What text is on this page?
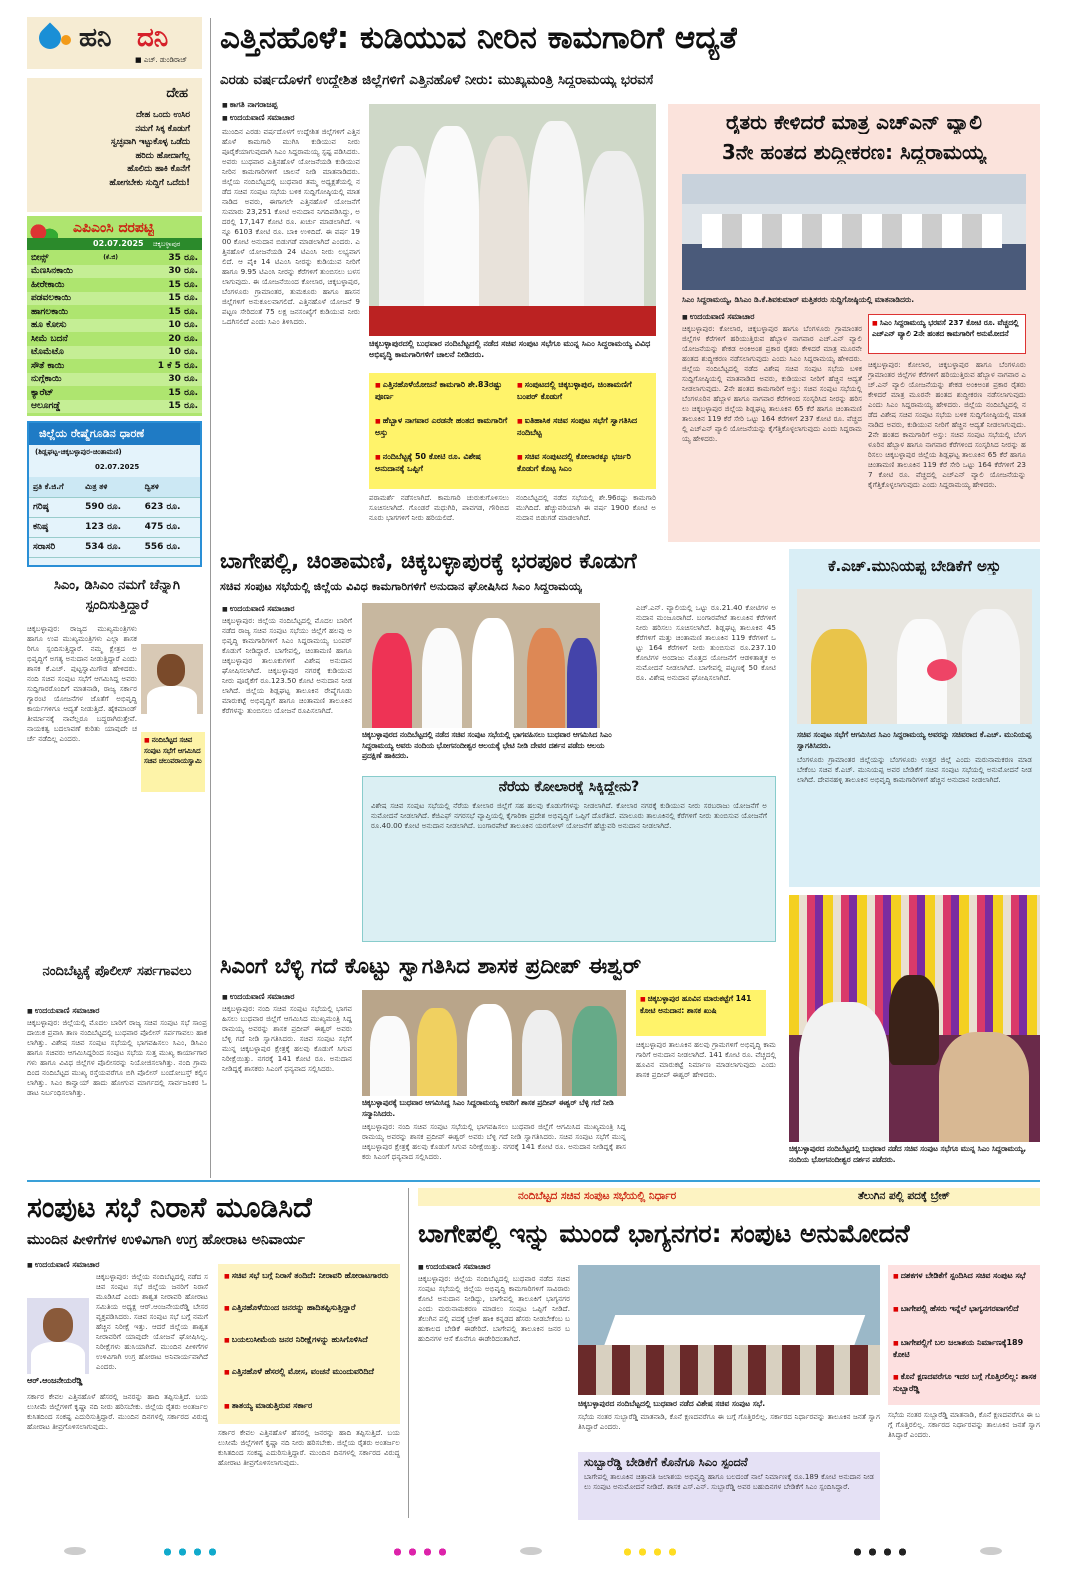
ಹನಿ ದನಿ
■ ಎಚ್. ಡುಂಡಿರಾಜ್
ದೇಹ
ದೇಹ ಒಂದು ಉಸಿರ
ನಮಗೆ ಸಿಕ್ಕ ಕೊಡುಗೆ
ಸ್ವಚ್ಛವಾಗಿ ಇಟ್ಟುಕೊಳ್ಳ ಒಡೆದು
ಹರಿದು ಹೋದಾಗೆಲ್ಲ
ಹೊಲಿದು ಹಾಕಿ ಕೊನೆಗೆ
ಹೋಗಬೇಕು ಸುದ್ದಿಗೆ ಒದೆದು!
ಎಪಿಎಂಸಿ ದರಪಟ್ಟಿ
02.07.2025 ಚಿಕ್ಕಬಳ್ಳಾಪುರ
ಬೀನ್ಸ್	(ಕೆ.ಜಿ)	35 ರೂ.
ಮೆಣಸಿನಕಾಯಿ		30 ರೂ.
ಹೀರೇಕಾಯಿ		15 ರೂ.
ಪಡವಲಕಾಯಿ		15 ರೂ.
ಹಾಗಲಕಾಯಿ		15 ರೂ.
ಹೂ ಕೋಸು		10 ರೂ.
ಸೀಮೆ ಬದನೆ		20 ರೂ.
ಟೊಮೆಟೊ		10 ರೂ.
ಸೌತೆ ಕಾಯಿ		1 ಕೆ 5 ರೂ.
ನುಗ್ಗೆಕಾಯಿ		30 ರೂ.
ಕ್ಯಾರೆಟ್		15 ರೂ.
ಆಲೂಗಡ್ಡೆ		15 ರೂ.
ಜಿಲ್ಲೆಯ ರೇಷ್ಮೆಗೂಡಿನ ಧಾರಣೆ
(ಶಿಡ್ಲಘಟ್ಟ-ಚಿಕ್ಕಬಳ್ಳಾಪುರ-ಚಿಂತಾಮಣಿ)
02.07.2025
ಪ್ರತಿ ಕೆ.ಜಿ.ಗೆ	ಮಿತ್ರ ತಳಿ	ದ್ವಿತಳಿ
ಗರಿಷ್ಠ	590 ರೂ.	623 ರೂ.
ಕನಿಷ್ಠ	123 ರೂ.	475 ರೂ.
ಸರಾಸರಿ	534 ರೂ.	556 ರೂ.
ಸಿಎಂ, ಡಿಸಿಎಂ ನಮಗೆ ಚೆನ್ನಾಗಿ ಸ್ಪಂದಿಸುತ್ತಿದ್ದಾರೆ
ಚಿಕ್ಕಬಳ್ಳಾಪುರ: ರಾಜ್ಯದ ಮುಖ್ಯಮಂತ್ರಿಗಳು ಹಾಗೂ ಉಪ ಮುಖ್ಯಮಂತ್ರಿಗಳು ಎಲ್ಲಾ ಶಾಸಕರಿಗೂ ಸ್ಪಂದಿಸುತ್ತಿದ್ದಾರೆ. ನಮ್ಮ ಕ್ಷೇತ್ರದ ಅಭಿವೃದ್ಧಿಗೆ ಅಗತ್ಯ ಅನುದಾನ ನೀಡುತ್ತಿದ್ದಾರೆ ಎಂದು ಶಾಸಕ ಕೆ.ಎಚ್. ಪುಟ್ಟಸ್ವಾಮಿಗೌಡ ಹೇಳಿದರು. ನಂದಿ ಸಚಿವ ಸಂಪುಟ ಸಭೆಗೆ ಆಗಮಿಸಿದ್ದ ಅವರು ಸುದ್ದಿಗಾರರೊಂದಿಗೆ ಮಾತನಾಡಿ, ರಾಜ್ಯ ಸರ್ಕಾರ ಗ್ಯಾರಂಟಿ ಯೋಜನೆಗಳ ಜೊತೆಗೆ ಅಭಿವೃದ್ಧಿ ಕಾರ್ಯಗಳಿಗೂ ಆದ್ಯತೆ ನೀಡುತ್ತಿದೆ. ಹೈಕಮಾಂಡ್ ತೀರ್ಮಾನಕ್ಕೆ ನಾವೆಲ್ಲರೂ ಬದ್ಧರಾಗಿರುತ್ತೇವೆ. ನಾಯಕತ್ವ ಬದಲಾವಣೆ ಕುರಿತು ಯಾವುದೇ ಚರ್ಚೆ ನಡೆದಿಲ್ಲ ಎಂದರು.	■ ನಂದಿಬೆಟ್ಟದ ಸಚಿವ ಸಂಪುಟ ಸಭೆಗೆ ಆಗಮಿಸಿದ ಸಚಿವ ಚಲುವರಾಯಸ್ವಾಮಿ
ನಂದಿಬೆಟ್ಟಕ್ಕೆ ಪೊಲೀಸ್ ಸರ್ಪಗಾವಲು
■ ಉದಯವಾಣಿ ಸಮಾಚಾರ
ಚಿಕ್ಕಬಳ್ಳಾಪುರ: ಜಿಲ್ಲೆಯಲ್ಲಿ ಮೊದಲ ಬಾರಿಗೆ ರಾಜ್ಯ ಸಚಿವ ಸಂಪುಟ ಸಭೆ ಸಾಂಪ್ರದಾಯಿಕ ಪ್ರವಾಸಿ ತಾಣ ನಂದಿಬೆಟ್ಟದಲ್ಲಿ ಬುಧವಾರ ಪೊಲೀಸ್ ಸರ್ಪಗಾವಲು ಹಾಕಲಾಗಿತ್ತು. ವಿಶೇಷ ಸಚಿವ ಸಂಪುಟ ಸಭೆಯಲ್ಲಿ ಭಾಗವಹಿಸಲು ಸಿಎಂ, ಡಿಸಿಎಂ ಹಾಗೂ ಸಚಿವರು ಆಗಮಿಸಿದ್ದರಿಂದ ಸಂಪುಟ ಸಭೆಯ ಸುತ್ತ ಮುಖ್ಯ ಕಾರ್ಯಾಗಾರಗಳು ಹಾಗೂ ವಿವಿಧ ಜಿಲ್ಲೆಗಳ ಪೊಲೀಸರನ್ನು ನಿಯೋಜಿಸಲಾಗಿತ್ತು. ನಂದಿ ಗ್ರಾಮದಿಂದ ನಂದಿಬೆಟ್ಟದ ಮುಖ್ಯ ರಸ್ತೆಯವರೆಗೂ ಬಿಗಿ ಪೊಲೀಸ್ ಬಂದೋಬಸ್ತ್ ಕಲ್ಪಿಸಲಾಗಿತ್ತು. ಸಿಎಂ ಕಾನ್ವಾಯ್ ಹಾದು ಹೋಗುವ ಮಾರ್ಗದಲ್ಲಿ ಸಾರ್ವಜನಿಕರ ಓಡಾಟ ನಿರ್ಬಂಧಿಸಲಾಗಿತ್ತು.
ಎತ್ತಿನಹೊಳೆ: ಕುಡಿಯುವ ನೀರಿನ ಕಾಮಗಾರಿಗೆ ಆದ್ಯತೆ
ಎರಡು ವರ್ಷದೊಳಗೆ ಉದ್ದೇಶಿತ ಜಿಲ್ಲೆಗಳಿಗೆ ಎತ್ತಿನಹೊಳೆ ನೀರು: ಮುಖ್ಯಮಂತ್ರಿ ಸಿದ್ದರಾಮಯ್ಯ ಭರವಸೆ
■ ಕಾಗತಿ ನಾಗರಾಜಪ್ಪ
■ ಉದಯವಾಣಿ ಸಮಾಚಾರ
ಮುಂದಿನ ಎರಡು ವರ್ಷದೊಳಗೆ ಉದ್ದೇಶಿತ ಜಿಲ್ಲೆಗಳಿಗೆ ಎತ್ತಿನಹೊಳೆ ಕಾಮಗಾರಿ ಮುಗಿಸಿ ಕುಡಿಯುವ ನೀರು ಪೂರೈಕೆಯಾಗುವುದಾಗಿ ಸಿಎಂ ಸಿದ್ದರಾಮಯ್ಯ ಸ್ಪಷ್ಟ ಪಡಿಸಿದರು. ಅವರು ಬುಧವಾರ ಎತ್ತಿನಹೊಳೆ ಯೋಜನೆಯಡಿ ಕುಡಿಯುವ ನೀರಿನ ಕಾಮಗಾರಿಗಳಿಗೆ ಚಾಲನೆ ನೀಡಿ ಮಾತನಾಡಿದರು. ಜಿಲ್ಲೆಯ ನಂದಿಬೆಟ್ಟದಲ್ಲಿ ಬುಧವಾರ ತಮ್ಮ ಅಧ್ಯಕ್ಷತೆಯಲ್ಲಿ ನಡೆದ ಸಚಿವ ಸಂಪುಟ ಸಭೆಯ ಬಳಿಕ ಸುದ್ದಿಗೋಷ್ಠಿಯಲ್ಲಿ ಮಾತನಾಡಿದ ಅವರು, ಈಗಾಗಲೇ ಎತ್ತಿನಹೊಳೆ ಯೋಜನೆಗೆ ಸುಮಾರು 23,251 ಕೋಟಿ ಅನುದಾನ ನಿಗದಿಪಡಿಸಿದ್ದು, ಅದರಲ್ಲಿ 17,147 ಕೋಟಿ ರೂ. ಖರ್ಚು ಮಾಡಲಾಗಿದೆ. ಇನ್ನೂ 6103 ಕೋಟಿ ರೂ. ಬಾಕಿ ಉಳಿದಿದೆ. ಈ ವರ್ಷ 1900 ಕೋಟಿ ಅನುದಾನ ಬಿಡುಗಡೆ ಮಾಡಲಾಗಿದೆ ಎಂದರು. ಎತ್ತಿನಹೊಳೆ ಯೋಜನೆಯಡಿ 24 ಟಿಎಂಸಿ ನೀರು ಲಭ್ಯವಾಗಲಿದೆ. ಆ ಪೈಕಿ 14 ಟಿಎಂಸಿ ನೀರನ್ನು ಕುಡಿಯುವ ನೀರಿಗೆ ಹಾಗೂ 9.95 ಟಿಎಂಸಿ ನೀರನ್ನು ಕೆರೆಗಳಿಗೆ ತುಂಬಿಸಲು ಬಳಸಲಾಗುವುದು. ಈ ಯೋಜನೆಯಿಂದ ಕೋಲಾರ, ಚಿಕ್ಕಬಳ್ಳಾಪುರ, ಬೆಂಗಳೂರು ಗ್ರಾಮಾಂತರ, ತುಮಕೂರು ಹಾಗೂ ಹಾಸನ ಜಿಲ್ಲೆಗಳಿಗೆ ಅನುಕೂಲವಾಗಲಿದೆ. ಎತ್ತಿನಹೊಳೆ ಯೋಜನೆ 9 ಪಟ್ಟಣ ಸೇರಿದಂತೆ 75 ಲಕ್ಷ ಜನಸಂಖ್ಯೆಗೆ ಕುಡಿಯುವ ನೀರು ಒದಗಿಸಲಿದೆ ಎಂದು ಸಿಎಂ ತಿಳಿಸಿದರು.
ಚಿಕ್ಕಬಳ್ಳಾಪುರದಲ್ಲಿ ಬುಧವಾರ ನಂದಿಬೆಟ್ಟದಲ್ಲಿ ನಡೆದ ಸಚಿವ ಸಂಪುಟ ಸಭೆಗೂ ಮುನ್ನ ಸಿಎಂ ಸಿದ್ದರಾಮಯ್ಯ ವಿವಿಧ ಅಭಿವೃದ್ಧಿ ಕಾಮಗಾರಿಗಳಿಗೆ ಚಾಲನೆ ನೀಡಿದರು.
■ ಎತ್ತಿನಹೊಳೆಯೋಜನೆ ಕಾಮಗಾರಿ ಶೇ.83ರಷ್ಟು ಪೂರ್ಣ
■ ಸಂಪುಟದಲ್ಲಿ ಚಿಕ್ಕಬಳ್ಳಾಪುರ, ಚಿಂತಾಮಣಿಗೆ ಬಂಪರ್ ಕೊಡುಗೆ
■ ಹೆಬ್ಬಾಳ ನಾಗವಾರ ಎರಡನೇ ಹಂತದ ಕಾಮಗಾರಿಗೆ ಅಸ್ತು
■ ಐತಿಹಾಸಿಕ ಸಚಿವ ಸಂಪುಟ ಸಭೆಗೆ ಸ್ವಾಗತಿಸಿದ ನಂದಿಬೆಟ್ಟ
■ ನಂದಿಬೆಟ್ಟಕ್ಕೆ 50 ಕೋಟಿ ರೂ. ವಿಶೇಷ ಅನುದಾನಕ್ಕೆ ಒಪ್ಪಿಗೆ
■ ಸಚಿವ ಸಂಪುಟದಲ್ಲಿ ಕೋಲಾರಕ್ಕೂ ಭರ್ಜರಿ ಕೊಡುಗೆ ಕೊಟ್ಟ ಸಿಎಂ
ಪರಾಮರ್ಶೆ ನಡೆಸಲಾಗಿದೆ. ಕಾಮಗಾರಿ ಚುರುಕುಗೊಳಿಸಲು ಸೂಚಿಸಲಾಗಿದೆ. ಗೊಂಡರೆ ಮಧುಗಿರಿ, ಪಾವಗಡ, ಗೌರಿಬಿದನೂರು ಭಾಗಗಳಿಗೆ ನೀರು ಹರಿಯಲಿದೆ.
ನಂದಿಬೆಟ್ಟದಲ್ಲಿ ನಡೆದ ಸಭೆಯಲ್ಲಿ ಶೇ.96ರಷ್ಟು ಕಾಮಗಾರಿ ಮುಗಿದಿದೆ. ಹೆಚ್ಚುವರಿಯಾಗಿ ಈ ವರ್ಷ 1900 ಕೋಟಿ ಅನುದಾನ ಬಿಡುಗಡೆ ಮಾಡಲಾಗಿದೆ.
ರೈತರು ಕೇಳಿದರೆ ಮಾತ್ರ ಎಚ್‌ಎನ್ ವ್ಯಾಲಿ
3ನೇ ಹಂತದ ಶುದ್ಧೀಕರಣ: ಸಿದ್ದರಾಮಯ್ಯ
ಸಿಎಂ ಸಿದ್ದರಾಮಯ್ಯ, ಡಿಸಿಎಂ ಡಿ.ಕೆ.ಶಿವಕುಮಾರ್ ಮತ್ತಿತರರು ಸುದ್ದಿಗೋಷ್ಠಿಯಲ್ಲಿ ಮಾತನಾಡಿದರು.
■ ಉದಯವಾಣಿ ಸಮಾಚಾರ
ಚಿಕ್ಕಬಳ್ಳಾಪುರ: ಕೋಲಾರ, ಚಿಕ್ಕಬಳ್ಳಾಪುರ ಹಾಗೂ ಬೆಂಗಳೂರು ಗ್ರಾಮಾಂತರ ಜಿಲ್ಲೆಗಳ ಕೆರೆಗಳಿಗೆ ಹರಿಯುತ್ತಿರುವ ಹೆಬ್ಬಾಳ ನಾಗವಾರ ಎಚ್.ಎನ್ ವ್ಯಾಲಿ ಯೋಜನೆಯನ್ನು ಶೇಕಡ ಅಂಕಿಅಂಶ ಪ್ರಕಾರ ರೈತರು ಕೇಳಿದರೆ ಮಾತ್ರ ಮೂರನೇ ಹಂತದ ಶುದ್ಧೀಕರಣ ನಡೆಸಲಾಗುವುದು ಎಂದು ಸಿಎಂ ಸಿದ್ದರಾಮಯ್ಯ ಹೇಳಿದರು. ಜಿಲ್ಲೆಯ ನಂದಿಬೆಟ್ಟದಲ್ಲಿ ನಡೆದ ವಿಶೇಷ ಸಚಿವ ಸಂಪುಟ ಸಭೆಯ ಬಳಿಕ ಸುದ್ದಿಗೋಷ್ಠಿಯಲ್ಲಿ ಮಾತನಾಡಿದ ಅವರು, ಕುಡಿಯುವ ನೀರಿಗೆ ಹೆಚ್ಚಿನ ಆದ್ಯತೆ ನೀಡಲಾಗುವುದು. 2ನೇ ಹಂತದ ಕಾಮಗಾರಿಗೆ ಅಸ್ತು: ಸಚಿವ ಸಂಪುಟ ಸಭೆಯಲ್ಲಿ ಬೆಂಗಳೂರಿನ ಹೆಬ್ಬಾಳ ಹಾಗೂ ನಾಗವಾರ ಕೆರೆಗಳಿಂದ ಸಂಸ್ಕರಿಸಿದ ನೀರನ್ನು ಹರಿಸಲು ಚಿಕ್ಕಬಳ್ಳಾಪುರ ಜಿಲ್ಲೆಯ ಶಿಡ್ಲಘಟ್ಟ ತಾಲೂಕಿನ 65 ಕೆರೆ ಹಾಗೂ ಚಿಂತಾಮಣಿ ತಾಲೂಕಿನ 119 ಕೆರೆ ಸೇರಿ ಒಟ್ಟು 164 ಕೆರೆಗಳಿಗೆ 237 ಕೋಟಿ ರೂ. ವೆಚ್ಚದಲ್ಲಿ ಎಚ್‌ಎನ್ ವ್ಯಾಲಿ ಯೋಜನೆಯನ್ನು ಕೈಗೆತ್ತಿಕೊಳ್ಳಲಾಗುವುದು ಎಂದು ಸಿದ್ದರಾಮಯ್ಯ ಹೇಳಿದರು.
■ ಸಿಎಂ ಸಿದ್ದರಾಮಯ್ಯ ಭರವಸೆ 237 ಕೋಟಿ ರೂ. ವೆಚ್ಚದಲ್ಲಿ ಎಚ್‌ಎನ್ ವ್ಯಾಲಿ 2ನೇ ಹಂತದ ಕಾಮಗಾರಿಗೆ ಅನುಮೋದನೆ
ಚಿಕ್ಕಬಳ್ಳಾಪುರ: ಕೋಲಾರ, ಚಿಕ್ಕಬಳ್ಳಾಪುರ ಹಾಗೂ ಬೆಂಗಳೂರು ಗ್ರಾಮಾಂತರ ಜಿಲ್ಲೆಗಳ ಕೆರೆಗಳಿಗೆ ಹರಿಯುತ್ತಿರುವ ಹೆಬ್ಬಾಳ ನಾಗವಾರ ಎಚ್.ಎನ್ ವ್ಯಾಲಿ ಯೋಜನೆಯನ್ನು ಶೇಕಡ ಅಂಕಿಅಂಶ ಪ್ರಕಾರ ರೈತರು ಕೇಳಿದರೆ ಮಾತ್ರ ಮೂರನೇ ಹಂತದ ಶುದ್ಧೀಕರಣ ನಡೆಸಲಾಗುವುದು ಎಂದು ಸಿಎಂ ಸಿದ್ದರಾಮಯ್ಯ ಹೇಳಿದರು. ಜಿಲ್ಲೆಯ ನಂದಿಬೆಟ್ಟದಲ್ಲಿ ನಡೆದ ವಿಶೇಷ ಸಚಿವ ಸಂಪುಟ ಸಭೆಯ ಬಳಿಕ ಸುದ್ದಿಗೋಷ್ಠಿಯಲ್ಲಿ ಮಾತನಾಡಿದ ಅವರು, ಕುಡಿಯುವ ನೀರಿಗೆ ಹೆಚ್ಚಿನ ಆದ್ಯತೆ ನೀಡಲಾಗುವುದು. 2ನೇ ಹಂತದ ಕಾಮಗಾರಿಗೆ ಅಸ್ತು: ಸಚಿವ ಸಂಪುಟ ಸಭೆಯಲ್ಲಿ ಬೆಂಗಳೂರಿನ ಹೆಬ್ಬಾಳ ಹಾಗೂ ನಾಗವಾರ ಕೆರೆಗಳಿಂದ ಸಂಸ್ಕರಿಸಿದ ನೀರನ್ನು ಹರಿಸಲು ಚಿಕ್ಕಬಳ್ಳಾಪುರ ಜಿಲ್ಲೆಯ ಶಿಡ್ಲಘಟ್ಟ ತಾಲೂಕಿನ 65 ಕೆರೆ ಹಾಗೂ ಚಿಂತಾಮಣಿ ತಾಲೂಕಿನ 119 ಕೆರೆ ಸೇರಿ ಒಟ್ಟು 164 ಕೆರೆಗಳಿಗೆ 237 ಕೋಟಿ ರೂ. ವೆಚ್ಚದಲ್ಲಿ ಎಚ್‌ಎನ್ ವ್ಯಾಲಿ ಯೋಜನೆಯನ್ನು ಕೈಗೆತ್ತಿಕೊಳ್ಳಲಾಗುವುದು ಎಂದು ಸಿದ್ದರಾಮಯ್ಯ ಹೇಳಿದರು.
ಬಾಗೇಪಲ್ಲಿ, ಚಿಂತಾಮಣಿ, ಚಿಕ್ಕಬಳ್ಳಾಪುರಕ್ಕೆ ಭರಪೂರ ಕೊಡುಗೆ
ಸಚಿವ ಸಂಪುಟ ಸಭೆಯಲ್ಲಿ ಜಿಲ್ಲೆಯ ವಿವಿಧ ಕಾಮಗಾರಿಗಳಿಗೆ ಅನುದಾನ ಘೋಷಿಸಿದ ಸಿಎಂ ಸಿದ್ದರಾಮಯ್ಯ
■ ಉದಯವಾಣಿ ಸಮಾಚಾರ
ಚಿಕ್ಕಬಳ್ಳಾಪುರ: ಜಿಲ್ಲೆಯ ನಂದಿಬೆಟ್ಟದಲ್ಲಿ ಮೊದಲ ಬಾರಿಗೆ ನಡೆದ ರಾಜ್ಯ ಸಚಿವ ಸಂಪುಟ ಸಭೆಯು ಜಿಲ್ಲೆಗೆ ಹಲವು ಅಭಿವೃದ್ಧಿ ಕಾಮಗಾರಿಗಳಿಗೆ ಸಿಎಂ ಸಿದ್ದರಾಮಯ್ಯ ಬಂಪರ್ ಕೊಡುಗೆ ನೀಡಿದ್ದಾರೆ. ಬಾಗೇಪಲ್ಲಿ, ಚಿಂತಾಮಣಿ ಹಾಗೂ ಚಿಕ್ಕಬಳ್ಳಾಪುರ ತಾಲೂಕುಗಳಿಗೆ ವಿಶೇಷ ಅನುದಾನ ಘೋಷಿಸಲಾಗಿದೆ. ಚಿಕ್ಕಬಳ್ಳಾಪುರ ನಗರಕ್ಕೆ ಕುಡಿಯುವ ನೀರು ಪೂರೈಕೆಗೆ ರೂ.123.50 ಕೋಟಿ ಅನುದಾನ ನೀಡಲಾಗಿದೆ. ಜಿಲ್ಲೆಯ ಶಿಡ್ಲಘಟ್ಟ ತಾಲೂಕಿನ ರೇಷ್ಮೆಗೂಡು ಮಾರುಕಟ್ಟೆ ಅಭಿವೃದ್ಧಿಗೆ ಹಾಗೂ ಚಿಂತಾಮಣಿ ತಾಲೂಕಿನ ಕೆರೆಗಳನ್ನು ತುಂಬಿಸಲು ಯೋಜನೆ ರೂಪಿಸಲಾಗಿದೆ.
ಚಿಕ್ಕಬಳ್ಳಾಪುರದ ನಂದಿಬೆಟ್ಟದಲ್ಲಿ ನಡೆದ ಸಚಿವ ಸಂಪುಟ ಸಭೆಯಲ್ಲಿ ಭಾಗವಹಿಸಲು ಬುಧವಾರ ಆಗಮಿಸಿದ ಸಿಎಂ ಸಿದ್ದರಾಮಯ್ಯ ಅವರು ನಂದಿಯ ಭೋಗನಂದೀಶ್ವರ ಆಲಯಕ್ಕೆ ಭೇಟಿ ನೀಡಿ ದೇವರ ದರ್ಶನ ಪಡೆದು ಆಲಯ ಪ್ರದಕ್ಷಿಣೆ ಹಾಕಿದರು.
ಎಚ್.ಎನ್. ವ್ಯಾಲಿಯಲ್ಲಿ ಒಟ್ಟು ರೂ.21.40 ಕೋಟಿಗಳ ಅನುದಾನ ಮಂಜೂರಾಗಿದೆ. ಬಂಗಾರಪೇಟೆ ತಾಲೂಕಿನ ಕೆರೆಗಳಿಗೆ ನೀರು ಹರಿಸಲು ಸೂಚಿಸಲಾಗಿದೆ. ಶಿಡ್ಲಘಟ್ಟ ತಾಲೂಕಿನ 45 ಕೆರೆಗಳಿಗೆ ಮತ್ತು ಚಿಂತಾಮಣಿ ತಾಲೂಕಿನ 119 ಕೆರೆಗಳಿಗೆ ಒಟ್ಟು 164 ಕೆರೆಗಳಿಗೆ ನೀರು ತುಂಬಿಸುವ ರೂ.237.10 ಕೋಟಿಗಳ ಅಂದಾಜು ಮೊತ್ತದ ಯೋಜನೆಗೆ ಆಡಳಿತಾತ್ಮಕ ಅನುಮೋದನೆ ನೀಡಲಾಗಿದೆ. ಬಾಗೇಪಲ್ಲಿ ಪಟ್ಟಣಕ್ಕೆ 50 ಕೋಟಿ ರೂ. ವಿಶೇಷ ಅನುದಾನ ಘೋಷಿಸಲಾಗಿದೆ.
ನೆರೆಯ ಕೋಲಾರಕ್ಕೆ ಸಿಕ್ಕಿದ್ದೇನು?
ವಿಶೇಷ ಸಚಿವ ಸಂಪುಟ ಸಭೆಯಲ್ಲಿ ನೆರೆಯ ಕೋಲಾರ ಜಿಲ್ಲೆಗೆ ಸಹ ಹಲವು ಕೊಡುಗೆಗಳನ್ನು ನೀಡಲಾಗಿದೆ. ಕೋಲಾರ ನಗರಕ್ಕೆ ಕುಡಿಯುವ ನೀರು ಸರಬರಾಜು ಯೋಜನೆಗೆ ಅನುಮೋದನೆ ನೀಡಲಾಗಿದೆ. ಕೆಜಿಎಫ್ ನಗರಸಭೆ ವ್ಯಾಪ್ತಿಯಲ್ಲಿ ಕೈಗಾರಿಕಾ ಪ್ರದೇಶ ಅಭಿವೃದ್ಧಿಗೆ ಒಪ್ಪಿಗೆ ದೊರೆತಿದೆ. ಮಾಲೂರು ತಾಲೂಕಿನಲ್ಲಿ ಕೆರೆಗಳಿಗೆ ನೀರು ತುಂಬಿಸುವ ಯೋಜನೆಗೆ ರೂ.40.00 ಕೋಟಿ ಅನುದಾನ ನೀಡಲಾಗಿದೆ. ಬಂಗಾರಪೇಟೆ ತಾಲೂಕಿನ ಯರಗೋಳ್ ಯೋಜನೆಗೆ ಹೆಚ್ಚುವರಿ ಅನುದಾನ ನೀಡಲಾಗಿದೆ.
ಕೆ.ಎಚ್.ಮುನಿಯಪ್ಪ ಬೇಡಿಕೆಗೆ ಅಸ್ತು
ಸಚಿವ ಸಂಪುಟ ಸಭೆಗೆ ಆಗಮಿಸಿದ ಸಿಎಂ ಸಿದ್ದರಾಮಯ್ಯ ಅವರನ್ನು ಸಚಿವರಾದ ಕೆ.ಎಚ್. ಮುನಿಯಪ್ಪ ಸ್ವಾಗತಿಸಿದರು.
ಬೆಂಗಳೂರು ಗ್ರಾಮಾಂತರ ಜಿಲ್ಲೆಯನ್ನು ಬೆಂಗಳೂರು ಉತ್ತರ ಜಿಲ್ಲೆ ಎಂದು ಮರುನಾಮಕರಣ ಮಾಡಬೇಕೆಂಬ ಸಚಿವ ಕೆ.ಎಚ್. ಮುನಿಯಪ್ಪ ಅವರ ಬೇಡಿಕೆಗೆ ಸಚಿವ ಸಂಪುಟ ಸಭೆಯಲ್ಲಿ ಅನುಮೋದನೆ ನೀಡಲಾಗಿದೆ. ದೇವನಹಳ್ಳಿ ತಾಲೂಕಿನ ಅಭಿವೃದ್ಧಿ ಕಾಮಗಾರಿಗಳಿಗೆ ಹೆಚ್ಚಿನ ಅನುದಾನ ನೀಡಲಾಗಿದೆ.
ಚಿಕ್ಕಬಳ್ಳಾಪುರದ ನಂದಿಬೆಟ್ಟದಲ್ಲಿ ಬುಧವಾರ ನಡೆದ ಸಚಿವ ಸಂಪುಟ ಸಭೆಗೂ ಮುನ್ನ ಸಿಎಂ ಸಿದ್ದರಾಮಯ್ಯ, ನಂದಿಯ ಭೋಗನಂದೀಶ್ವರ ದರ್ಶನ ಪಡೆದರು.
ಸಿಎಂಗೆ ಬೆಳ್ಳಿ ಗದೆ ಕೊಟ್ಟು ಸ್ವಾಗತಿಸಿದ ಶಾಸಕ ಪ್ರದೀಪ್ ಈಶ್ವರ್
■ ಉದಯವಾಣಿ ಸಮಾಚಾರ
ಚಿಕ್ಕಬಳ್ಳಾಪುರ: ನಂದಿ ಸಚಿವ ಸಂಪುಟ ಸಭೆಯಲ್ಲಿ ಭಾಗವಹಿಸಲು ಬುಧವಾರ ಜಿಲ್ಲೆಗೆ ಆಗಮಿಸಿದ ಮುಖ್ಯಮಂತ್ರಿ ಸಿದ್ದರಾಮಯ್ಯ ಅವರನ್ನು ಶಾಸಕ ಪ್ರದೀಪ್ ಈಶ್ವರ್ ಅವರು ಬೆಳ್ಳಿ ಗದೆ ನೀಡಿ ಸ್ವಾಗತಿಸಿದರು. ಸಚಿವ ಸಂಪುಟ ಸಭೆಗೆ ಮುನ್ನ ಚಿಕ್ಕಬಳ್ಳಾಪುರ ಕ್ಷೇತ್ರಕ್ಕೆ ಹಲವು ಕೊಡುಗೆ ಸಿಗುವ ನಿರೀಕ್ಷೆಯಿತ್ತು. ನಗರಕ್ಕೆ 141 ಕೋಟಿ ರೂ. ಅನುದಾನ ನೀಡಿದ್ದಕ್ಕೆ ಶಾಸಕರು ಸಿಎಂಗೆ ಧನ್ಯವಾದ ಸಲ್ಲಿಸಿದರು.
ಚಿಕ್ಕಬಳ್ಳಾಪುರಕ್ಕೆ ಬುಧವಾರ ಆಗಮಿಸಿದ್ದ ಸಿಎಂ ಸಿದ್ದರಾಮಯ್ಯ ಅವರಿಗೆ ಶಾಸಕ ಪ್ರದೀಪ್ ಈಶ್ವರ್ ಬೆಳ್ಳಿ ಗದೆ ನೀಡಿ ಸನ್ಮಾನಿಸಿದರು.
ಚಿಕ್ಕಬಳ್ಳಾಪುರ: ನಂದಿ ಸಚಿವ ಸಂಪುಟ ಸಭೆಯಲ್ಲಿ ಭಾಗವಹಿಸಲು ಬುಧವಾರ ಜಿಲ್ಲೆಗೆ ಆಗಮಿಸಿದ ಮುಖ್ಯಮಂತ್ರಿ ಸಿದ್ದರಾಮಯ್ಯ ಅವರನ್ನು ಶಾಸಕ ಪ್ರದೀಪ್ ಈಶ್ವರ್ ಅವರು ಬೆಳ್ಳಿ ಗದೆ ನೀಡಿ ಸ್ವಾಗತಿಸಿದರು. ಸಚಿವ ಸಂಪುಟ ಸಭೆಗೆ ಮುನ್ನ ಚಿಕ್ಕಬಳ್ಳಾಪುರ ಕ್ಷೇತ್ರಕ್ಕೆ ಹಲವು ಕೊಡುಗೆ ಸಿಗುವ ನಿರೀಕ್ಷೆಯಿತ್ತು. ನಗರಕ್ಕೆ 141 ಕೋಟಿ ರೂ. ಅನುದಾನ ನೀಡಿದ್ದಕ್ಕೆ ಶಾಸಕರು ಸಿಎಂಗೆ ಧನ್ಯವಾದ ಸಲ್ಲಿಸಿದರು.
■ ಚಿಕ್ಕಬಳ್ಳಾಪುರ ಹೂವಿನ ಮಾರುಕಟ್ಟೆಗೆ 141 ಕೋಟಿ ಅನುದಾನ: ಶಾಸಕ ಖುಷಿ
ಚಿಕ್ಕಬಳ್ಳಾಪುರ ತಾಲೂಕಿನ ಹಲವು ಗ್ರಾಮಗಳಿಗೆ ಅಭಿವೃದ್ಧಿ ಕಾಮಗಾರಿಗೆ ಅನುದಾನ ನೀಡಲಾಗಿದೆ. 141 ಕೋಟಿ ರೂ. ವೆಚ್ಚದಲ್ಲಿ ಹೂವಿನ ಮಾರುಕಟ್ಟೆ ನಿರ್ಮಾಣ ಮಾಡಲಾಗುವುದು ಎಂದು ಶಾಸಕ ಪ್ರದೀಪ್ ಈಶ್ವರ್ ಹೇಳಿದರು.
ಸಂಪುಟ ಸಭೆ ನಿರಾಸೆ ಮೂಡಿಸಿದೆ
ಮುಂದಿನ ಪೀಳಿಗೆಗಳ ಉಳಿವಿಗಾಗಿ ಉಗ್ರ ಹೋರಾಟ ಅನಿವಾರ್ಯ
■ ಉದಯವಾಣಿ ಸಮಾಚಾರ
ಆರ್.ಆಂಜನೇಯರೆಡ್ಡಿ
ಚಿಕ್ಕಬಳ್ಳಾಪುರ: ಜಿಲ್ಲೆಯ ನಂದಿಬೆಟ್ಟದಲ್ಲಿ ನಡೆದ ಸಚಿವ ಸಂಪುಟ ಸಭೆ ಜಿಲ್ಲೆಯ ಜನರಿಗೆ ನಿರಾಸೆ ಮೂಡಿಸಿದೆ ಎಂದು ಶಾಶ್ವತ ನೀರಾವರಿ ಹೋರಾಟ ಸಮಿತಿಯ ಅಧ್ಯಕ್ಷ ಆರ್.ಆಂಜನೇಯರೆಡ್ಡಿ ಬೇಸರ ವ್ಯಕ್ತಪಡಿಸಿದರು. ಸಚಿವ ಸಂಪುಟ ಸಭೆ ಬಗ್ಗೆ ನಮಗೆ ಹೆಚ್ಚಿನ ನಿರೀಕ್ಷೆ ಇತ್ತು. ಆದರೆ ಜಿಲ್ಲೆಯ ಶಾಶ್ವತ ನೀರಾವರಿಗೆ ಯಾವುದೇ ಯೋಜನೆ ಘೋಷಿಸಿಲ್ಲ. ನಿರೀಕ್ಷೆಗಳು ಹುಸಿಯಾಗಿವೆ. ಮುಂದಿನ ಪೀಳಿಗೆಗಳ ಉಳಿವಿಗಾಗಿ ಉಗ್ರ ಹೋರಾಟ ಅನಿವಾರ್ಯವಾಗಿದೆ ಎಂದರು.
ಸರ್ಕಾರ ಕೇವಲ ಎತ್ತಿನಹೊಳೆ ಹೆಸರಲ್ಲಿ ಜನರನ್ನು ಹಾದಿ ತಪ್ಪಿಸುತ್ತಿದೆ. ಬಯಲುಸೀಮೆ ಜಿಲ್ಲೆಗಳಿಗೆ ಕೃಷ್ಣಾ ನದಿ ನೀರು ಹರಿಸಬೇಕು. ಜಿಲ್ಲೆಯ ರೈತರು ಅಂತರ್ಜಲ ಕುಸಿತದಿಂದ ಸಂಕಷ್ಟ ಎದುರಿಸುತ್ತಿದ್ದಾರೆ. ಮುಂದಿನ ದಿನಗಳಲ್ಲಿ ಸರ್ಕಾರದ ವಿರುದ್ಧ ಹೋರಾಟ ತೀವ್ರಗೊಳಿಸಲಾಗುವುದು.
■ ಸಚಿವ ಸಭೆ ಬಗ್ಗೆ ನಿರಾಸೆ ತಂದಿದೆ: ನೀರಾವರಿ ಹೋರಾಟಗಾರರು
■ ಎತ್ತಿನಹೊಳೆಯಿಂದ ಜನರನ್ನು ಹಾದಿತಪ್ಪಿಸುತ್ತಿದ್ದಾರೆ
■ ಬಯಲುಸೀಮೆಯ ಜನರ ನಿರೀಕ್ಷೆಗಳನ್ನು ಹುಸಿಗೊಳಿಸಿದೆ
■ ಎತ್ತಿನಹೊಳೆ ಹೆಸರಲ್ಲಿ ಮೋಸ, ವಂಚನೆ ಮುಂದುವರಿದಿದೆ
■ ತಾತಯ್ಯ ಮಾಡುತ್ತಿರುವ ಸರ್ಕಾರ
ಸರ್ಕಾರ ಕೇವಲ ಎತ್ತಿನಹೊಳೆ ಹೆಸರಲ್ಲಿ ಜನರನ್ನು ಹಾದಿ ತಪ್ಪಿಸುತ್ತಿದೆ. ಬಯಲುಸೀಮೆ ಜಿಲ್ಲೆಗಳಿಗೆ ಕೃಷ್ಣಾ ನದಿ ನೀರು ಹರಿಸಬೇಕು. ಜಿಲ್ಲೆಯ ರೈತರು ಅಂತರ್ಜಲ ಕುಸಿತದಿಂದ ಸಂಕಷ್ಟ ಎದುರಿಸುತ್ತಿದ್ದಾರೆ. ಮುಂದಿನ ದಿನಗಳಲ್ಲಿ ಸರ್ಕಾರದ ವಿರುದ್ಧ ಹೋರಾಟ ತೀವ್ರಗೊಳಿಸಲಾಗುವುದು.
ನಂದಿಬೆಟ್ಟದ ಸಚಿವ ಸಂಪುಟ ಸಭೆಯಲ್ಲಿ ನಿರ್ಧಾರ	ತೆಲುಗಿನ ಪಲ್ಲಿ ಪದಕ್ಕೆ ಬ್ರೇಕ್
ಬಾಗೇಪಲ್ಲಿ ಇನ್ನು ಮುಂದೆ ಭಾಗ್ಯನಗರ: ಸಂಪುಟ ಅನುಮೋದನೆ
■ ಉದಯವಾಣಿ ಸಮಾಚಾರ
ಚಿಕ್ಕಬಳ್ಳಾಪುರ: ಜಿಲ್ಲೆಯ ನಂದಿಬೆಟ್ಟದಲ್ಲಿ ಬುಧವಾರ ನಡೆದ ಸಚಿವ ಸಂಪುಟ ಸಭೆಯಲ್ಲಿ ಜಿಲ್ಲೆಯ ಅಭಿವೃದ್ಧಿ ಕಾಮಗಾರಿಗಳಿಗೆ ಸಾವಿರಾರು ಕೋಟಿ ಅನುದಾನ ನೀಡಿದ್ದು, ಬಾಗೇಪಲ್ಲಿ ತಾಲೂಕಿಗೆ ಭಾಗ್ಯನಗರ ಎಂದು ಮರುನಾಮಕರಣ ಮಾಡಲು ಸಂಪುಟ ಒಪ್ಪಿಗೆ ನೀಡಿದೆ. ತೆಲುಗಿನ ಪಲ್ಲಿ ಪದಕ್ಕೆ ಬ್ರೇಕ್ ಹಾಕಿ ಕನ್ನಡದ ಹೆಸರು ನೀಡಬೇಕೆಂಬ ಬಹುಕಾಲದ ಬೇಡಿಕೆ ಈಡೇರಿದೆ. ಬಾಗೇಪಲ್ಲಿ ತಾಲೂಕಿನ ಜನರ ಬಹುದಿನಗಳ ಆಸೆ ಕೊನೆಗೂ ಈಡೇರಿದಂತಾಗಿದೆ.
ಚಿಕ್ಕಬಳ್ಳಾಪುರದ ನಂದಿಬೆಟ್ಟದಲ್ಲಿ ಬುಧವಾರ ನಡೆದ ವಿಶೇಷ ಸಚಿವ ಸಂಪುಟ ಸಭೆ.
ಸಭೆಯ ನಂತರ ಸುಬ್ಬಾರೆಡ್ಡಿ ಮಾತನಾಡಿ, ಕೊನೆ ಕ್ಷಣದವರೆಗೂ ಈ ಬಗ್ಗೆ ಗೊತ್ತಿರಲಿಲ್ಲ. ಸರ್ಕಾರದ ನಿರ್ಧಾರವನ್ನು ತಾಲೂಕಿನ ಜನತೆ ಸ್ವಾಗತಿಸಿದ್ದಾರೆ ಎಂದರು.
■ ದಶಕಗಳ ಬೇಡಿಕೆಗೆ ಸ್ಪಂದಿಸಿದ ಸಚಿವ ಸಂಪುಟ ಸಭೆ
■ ಬಾಗೇಪಲ್ಲಿ ಹೆಸರು ಇನ್ನೆಲೆ ಭಾಗ್ಯನಗರವಾಗಲಿದೆ
■ ಬಾಗೇಪಲ್ಲಿಗೆ ಬಲ ಜಲಾಶಯ ನಿರ್ಮಾಣಕ್ಕೆ189 ಕೋಟಿ
■ ಕೊನೆ ಕ್ಷಣದವರೆಗೂ ಇದರ ಬಗ್ಗೆ ಗೊತ್ತಿರಲಿಲ್ಲ: ಶಾಸಕ ಸುಬ್ಬಾರೆಡ್ಡಿ
ಸಭೆಯ ನಂತರ ಸುಬ್ಬಾರೆಡ್ಡಿ ಮಾತನಾಡಿ, ಕೊನೆ ಕ್ಷಣದವರೆಗೂ ಈ ಬಗ್ಗೆ ಗೊತ್ತಿರಲಿಲ್ಲ. ಸರ್ಕಾರದ ನಿರ್ಧಾರವನ್ನು ತಾಲೂಕಿನ ಜನತೆ ಸ್ವಾಗತಿಸಿದ್ದಾರೆ ಎಂದರು.
ಸುಬ್ಬಾರೆಡ್ಡಿ ಬೇಡಿಕೆಗೆ ಕೊನೆಗೂ ಸಿಎಂ ಸ್ಪಂದನೆ
ಬಾಗೇಪಲ್ಲಿ ತಾಲೂಕಿನ ಚಿತ್ರಾವತಿ ಜಲಾಶಯ ಅಭಿವೃದ್ಧಿ ಹಾಗೂ ಬಲದಂಡೆ ನಾಲೆ ನಿರ್ಮಾಣಕ್ಕೆ ರೂ.189 ಕೋಟಿ ಅನುದಾನ ನೀಡಲು ಸಂಪುಟ ಅನುಮೋದನೆ ನೀಡಿದೆ. ಶಾಸಕ ಎಸ್.ಎನ್. ಸುಬ್ಬಾರೆಡ್ಡಿ ಅವರ ಬಹುದಿನಗಳ ಬೇಡಿಕೆಗೆ ಸಿಎಂ ಸ್ಪಂದಿಸಿದ್ದಾರೆ.
